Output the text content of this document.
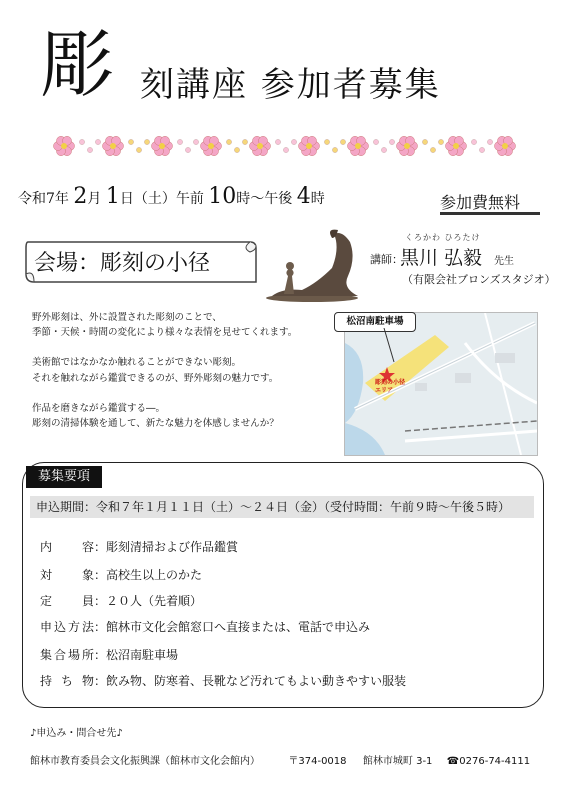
彫 刻講座 参加者募集
令和7年 2月 1日（土）午前 10時〜午後 4時	参加費無料
会場：彫刻の小径	講師：
くろかわ ひろたけ
黒川 弘毅 先生
（有限会社ブロンズスタジオ）
野外彫刻は、外に設置された彫刻のことで、
季節・天候・時間の変化により様々な表情を見せてくれます。
美術館ではなかなか触れることができない彫刻。
それを触れながら鑑賞できるのが、野外彫刻の魅力です。
作品を磨きながら鑑賞する―。
彫刻の清掃体験を通して、新たな魅力を体感しませんか？
彫刻の小径
エリア
松沼南駐車場
募集要項
申込期間：令和７年１月１１日（土）〜２４日（金）（受付時間：午前９時〜午後５時）
内容：彫刻清掃および作品鑑賞
対象：高校生以上のかた
定員：２０人（先着順）
申込方法：館林市文化会館窓口へ直接または、電話で申込み
集合場所：松沼南駐車場
持ち物：飲み物、防寒着、長靴など汚れてもよい動きやすい服装
♪申込み・問合せ先♪
館林市教育委員会文化振興課（館林市文化会館内）	〒374-0018 館林市城町 3-1 ☎0276-74-4111
